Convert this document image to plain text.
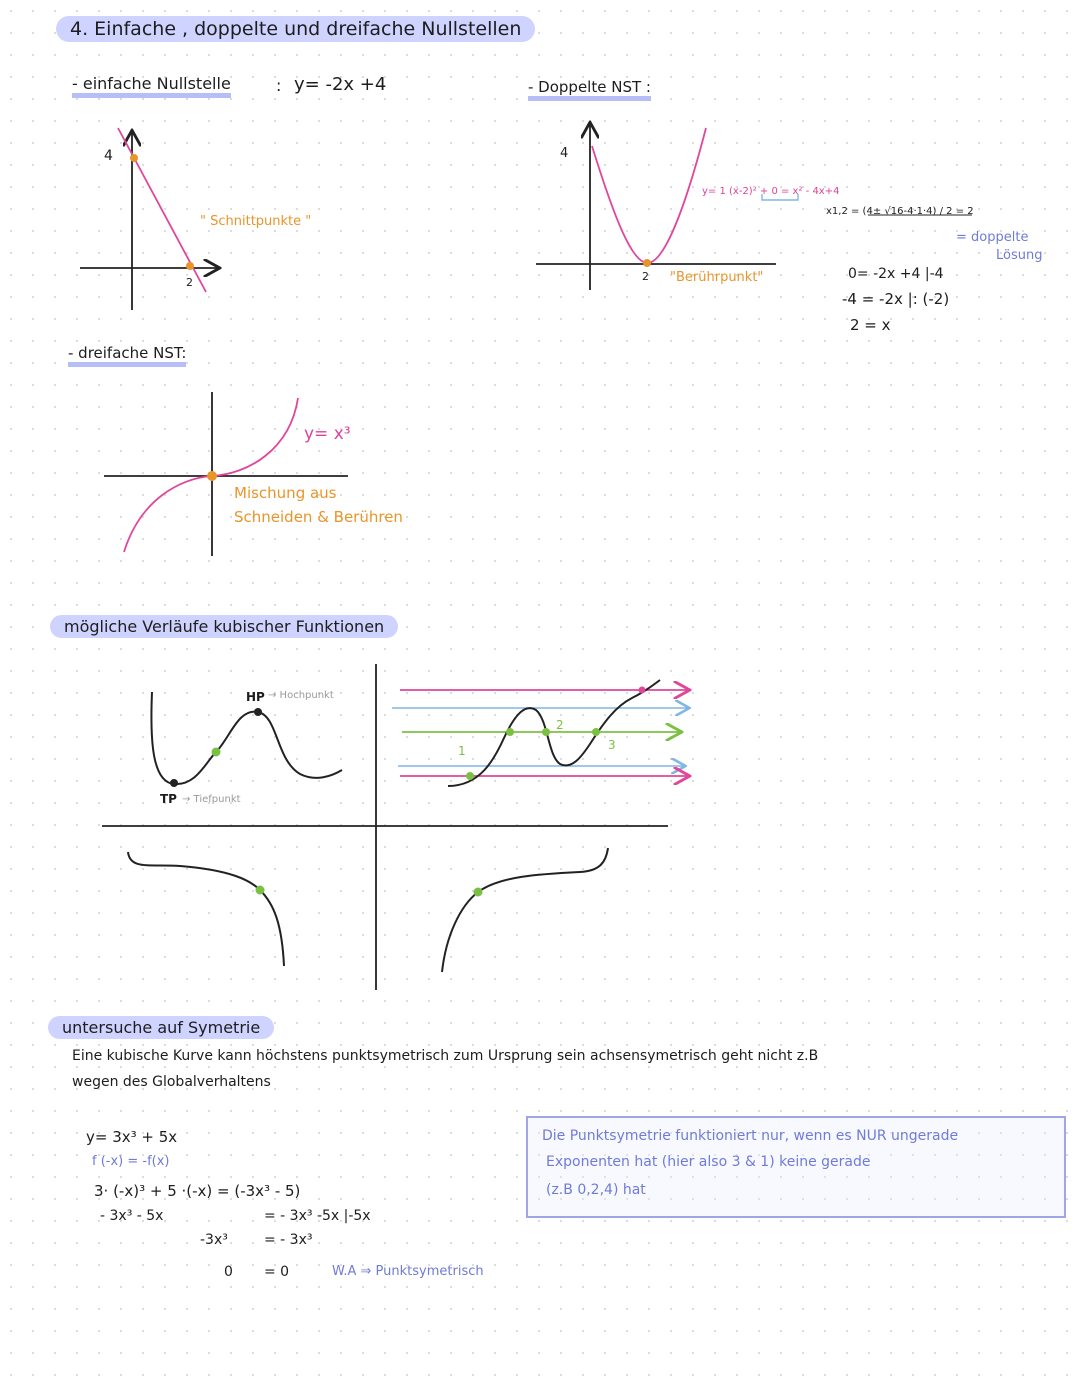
4. Einfache , doppelte und dreifache Nullstellen
- einfache Nullstelle	: y= -2x +4
4
2
" Schnittpunkte "
- Doppelte NST :
4
2
y= 1 (x-2)² + 0 = x² - 4x+4
"Berührpunkt"
x1,2 = (4± √16-4·1·4) / 2 = 2
= doppelte
Lösung
0= -2x +4 |-4
-4 = -2x |: (-2)
2 = x
- dreifache NST:
y= x³
Mischung aus
Schneiden & Berühren
mögliche Verläufe kubischer Funktionen
HP → Hochpunkt
TP → Tiefpunkt
1
2
3
untersuche auf Symetrie
Eine kubische Kurve kann höchstens punktsymetrisch zum Ursprung sein achsensymetrisch geht nicht z.B
wegen des Globalverhaltens
y= 3x³ + 5x
f (-x) = -f(x)
3· (-x)³ + 5 ·(-x) = (-3x³ - 5)
- 3x³ - 5x	= - 3x³ -5x |-5x
-3x³	= - 3x³
0 = 0	W.A ⇒ Punktsymetrisch
Die Punktsymetrie funktioniert nur, wenn es NUR ungerade
Exponenten hat (hier also 3 & 1) keine gerade
(z.B 0,2,4) hat
